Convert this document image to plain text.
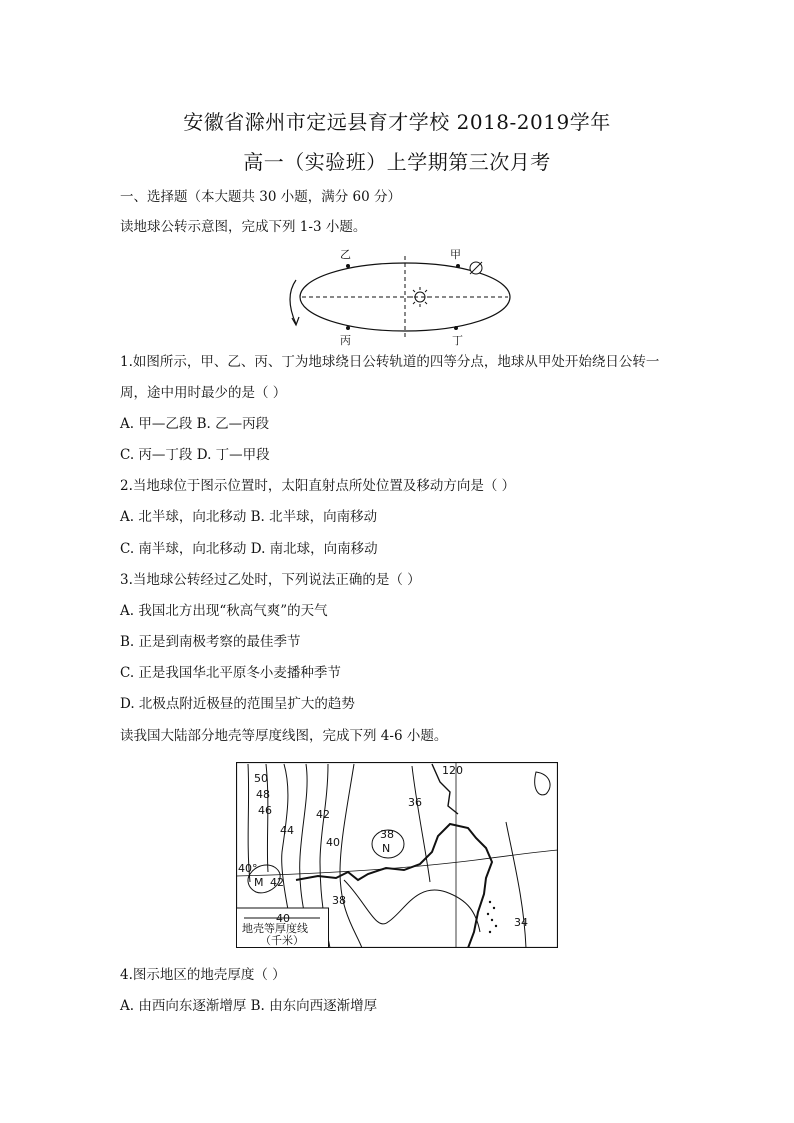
安徽省滁州市定远县育才学校 2018-2019学年
高一（实验班）上学期第三次月考
一、选择题（本大题共 30 小题，满分 60 分）
读地球公转示意图，完成下列 1-3 小题。
乙	甲
丙	丁
1.如图所示，甲、乙、丙、丁为地球绕日公转轨道的四等分点，地球从甲处开始绕日公转一
周，途中用时最少的是（ ）
A. 甲—乙段 B. 乙—丙段
C. 丙—丁段 D. 丁—甲段
2.当地球位于图示位置时，太阳直射点所处位置及移动方向是（ ）
A. 北半球，向北移动 B. 北半球，向南移动
C. 南半球，向北移动 D. 南北球，向南移动
3.当地球公转经过乙处时，下列说法正确的是（ ）
A. 我国北方出现“秋高气爽”的天气
B. 正是到南极考察的最佳季节
C. 正是我国华北平原冬小麦播种季节
D. 北极点附近极昼的范围呈扩大的趋势
读我国大陆部分地壳等厚度线图，完成下列 4-6 小题。
50
48
46
44
42
40
38
36
34
42
38
120
M
N
40°
40
地壳等厚度线
（千米）
4.图示地区的地壳厚度（ ）
A. 由西向东逐渐增厚 B. 由东向西逐渐增厚
